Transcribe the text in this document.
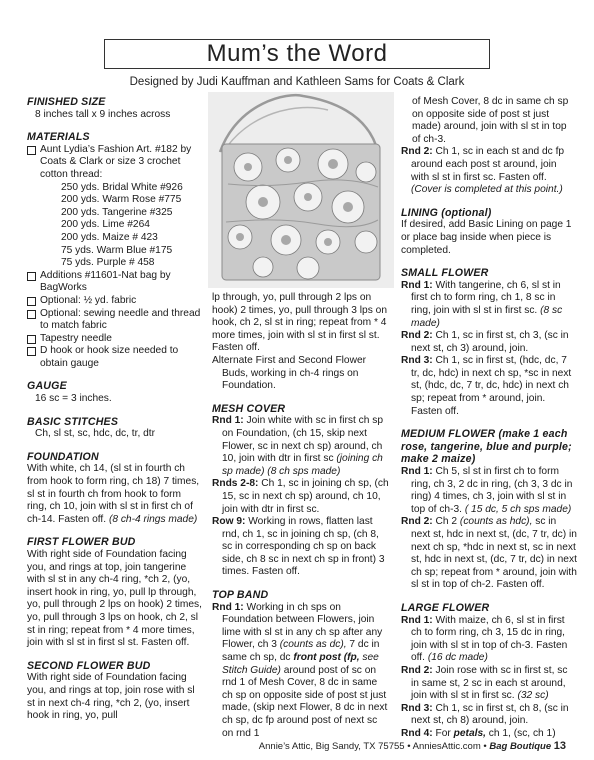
Mum’s the Word
Designed by Judi Kauffman and Kathleen Sams for Coats & Clark

FINISHED SIZE

8 inches tall x 9 inches across

MATERIALS

Aunt Lydia’s Fashion Art. #182 by Coats & Clark or size 3 crochet cotton thread:

250 yds. Bridal White #926

200 yds. Warm Rose #775

200 yds. Tangerine #325

200 yds. Lime #264

200 yds. Maize # 423

75 yds. Warm Blue #175

75 yds. Purple # 458

Additions #11601-Nat bag by BagWorks
Optional: ½ yd. fabric
Optional: sewing needle and thread to match fabric
Tapestry needle
D hook or hook size needed to obtain gauge

GAUGE

16 sc = 3 inches.

BASIC STITCHES

Ch, sl st, sc, hdc, dc, tr, dtr

FOUNDATION

With white, ch 14, (sl st in fourth ch from hook to form ring, ch 18) 7 times, sl st in fourth ch from hook to form ring, ch 10, join with sl st in first ch of ch-14. Fasten off. (8 ch-4 rings made)

FIRST FLOWER BUD

With right side of Foundation facing you, and rings at top, join tangerine with sl st in any ch-4 ring, *ch 2, (yo, insert hook in ring, yo, pull lp through, yo, pull through 2 lps on hook) 2 times, yo, pull through 3 lps on hook, ch 2, sl st in ring; repeat from * 4 more times, join with sl st in first sl st. Fasten off.

SECOND FLOWER BUD

With right side of Foundation facing you, and rings at top, join rose with sl st in next ch-4 ring, *ch 2, (yo, insert hook in ring, yo, pull

lp through, yo, pull through 2 lps on hook) 2 times, yo, pull through 3 lps on hook, ch 2, sl st in ring; repeat from * 4 more times, join with sl st in first sl st. Fasten off.

Alternate First and Second Flower Buds, working in ch-4 rings on Foundation.

MESH COVER

Rnd 1: Join white with sc in first ch sp on Foundation, (ch 15, skip next Flower, sc in next ch sp) around, ch 10, join with dtr in first sc (joining ch sp made) (8 ch sps made)

Rnds 2-8: Ch 1, sc in joining ch sp, (ch 15, sc in next ch sp) around, ch 10, join with dtr in first sc.

Row 9: Working in rows, flatten last rnd, ch 1, sc in joining ch sp, (ch 8, sc in corresponding ch sp on back side, ch 8 sc in next ch sp in front) 3 times. Fasten off.

TOP BAND

Rnd 1: Working in ch sps on Foundation between Flowers, join lime with sl st in any ch sp after any Flower, ch 3 (counts as dc), 7 dc in same ch sp, dc front post (fp, see Stitch Guide) around post of sc on rnd 1 of Mesh Cover, 8 dc in same ch sp on opposite side of post st just made, (skip next Flower, 8 dc in next ch sp, dc fp around post of next sc on rnd 1

of Mesh Cover, 8 dc in same ch sp on opposite side of post st just made) around, join with sl st in top of ch-3.

Rnd 2: Ch 1, sc in each st and dc fp around each post st around, join with sl st in first sc. Fasten off. (Cover is completed at this point.)

LINING (optional)

If desired, add Basic Lining on page 1 or place bag inside when piece is completed.

SMALL FLOWER

Rnd 1: With tangerine, ch 6, sl st in first ch to form ring, ch 1, 8 sc in ring, join with sl st in first sc. (8 sc made)

Rnd 2: Ch 1, sc in first st, ch 3, (sc in next st, ch 3) around, join.

Rnd 3: Ch 1, sc in first st, (hdc, dc, 7 tr, dc, hdc) in next ch sp, *sc in next st, (hdc, dc, 7 tr, dc, hdc) in next ch sp; repeat from * around, join. Fasten off.

MEDIUM FLOWER (make 1 each rose, tangerine, blue and purple; make 2 maize)

Rnd 1: Ch 5, sl st in first ch to form ring, ch 3, 2 dc in ring, (ch 3, 3 dc in ring) 4 times, ch 3, join with sl st in top of ch-3. ( 15 dc, 5 ch sps made)

Rnd 2: Ch 2 (counts as hdc), sc in next st, hdc in next st, (dc, 7 tr, dc) in next ch sp, *hdc in next st, sc in next st, hdc in next st, (dc, 7 tr, dc) in next ch sp; repeat from * around, join with sl st in top of ch-2. Fasten off.

LARGE FLOWER

Rnd 1: With maize, ch 6, sl st in first ch to form ring, ch 3, 15 dc in ring, join with sl st in top of ch-3. Fasten off. (16 dc made)

Rnd 2: Join rose with sc in first st, sc in same st, 2 sc in each st around, join with sl st in first sc. (32 sc)

Rnd 3: Ch 1, sc in first st, ch 8, (sc in next st, ch 8) around, join.

Rnd 4: For petals, ch 1, (sc, ch 1)

Annie’s Attic, Big Sandy, TX 75755 • AnniesAttic.com • Bag Boutique 13
